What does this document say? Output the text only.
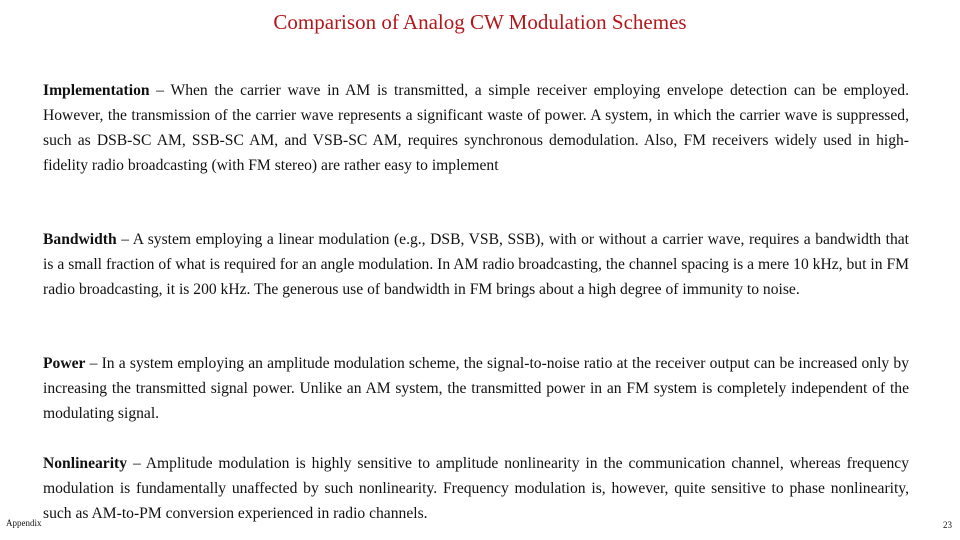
Comparison of Analog CW Modulation Schemes

Implementation – When the carrier wave in AM is transmitted, a simple receiver employing envelope detection can be employed. However, the transmission of the carrier wave represents a significant waste of power. A system, in which the carrier wave is suppressed, such as DSB-SC AM, SSB-SC AM, and VSB-SC AM, requires synchronous demodulation. Also, FM receivers widely used in high-fidelity radio broadcasting (with FM stereo) are rather easy to implement

Bandwidth – A system employing a linear modulation (e.g., DSB, VSB, SSB), with or without a carrier wave, requires a bandwidth that is a small fraction of what is required for an angle modulation. In AM radio broadcasting, the channel spacing is a mere 10 kHz, but in FM radio broadcasting, it is 200 kHz. The generous use of bandwidth in FM brings about a high degree of immunity to noise.

Power – In a system employing an amplitude modulation scheme, the signal-to-noise ratio at the receiver output can be increased only by increasing the transmitted signal power. Unlike an AM system, the transmitted power in an FM system is completely independent of the modulating signal.

Nonlinearity – Amplitude modulation is highly sensitive to amplitude nonlinearity in the communication channel, whereas frequency modulation is fundamentally unaffected by such nonlinearity. Frequency modulation is, however, quite sensitive to phase nonlinearity, such as AM-to-PM conversion experienced in radio channels.

Appendix	23
